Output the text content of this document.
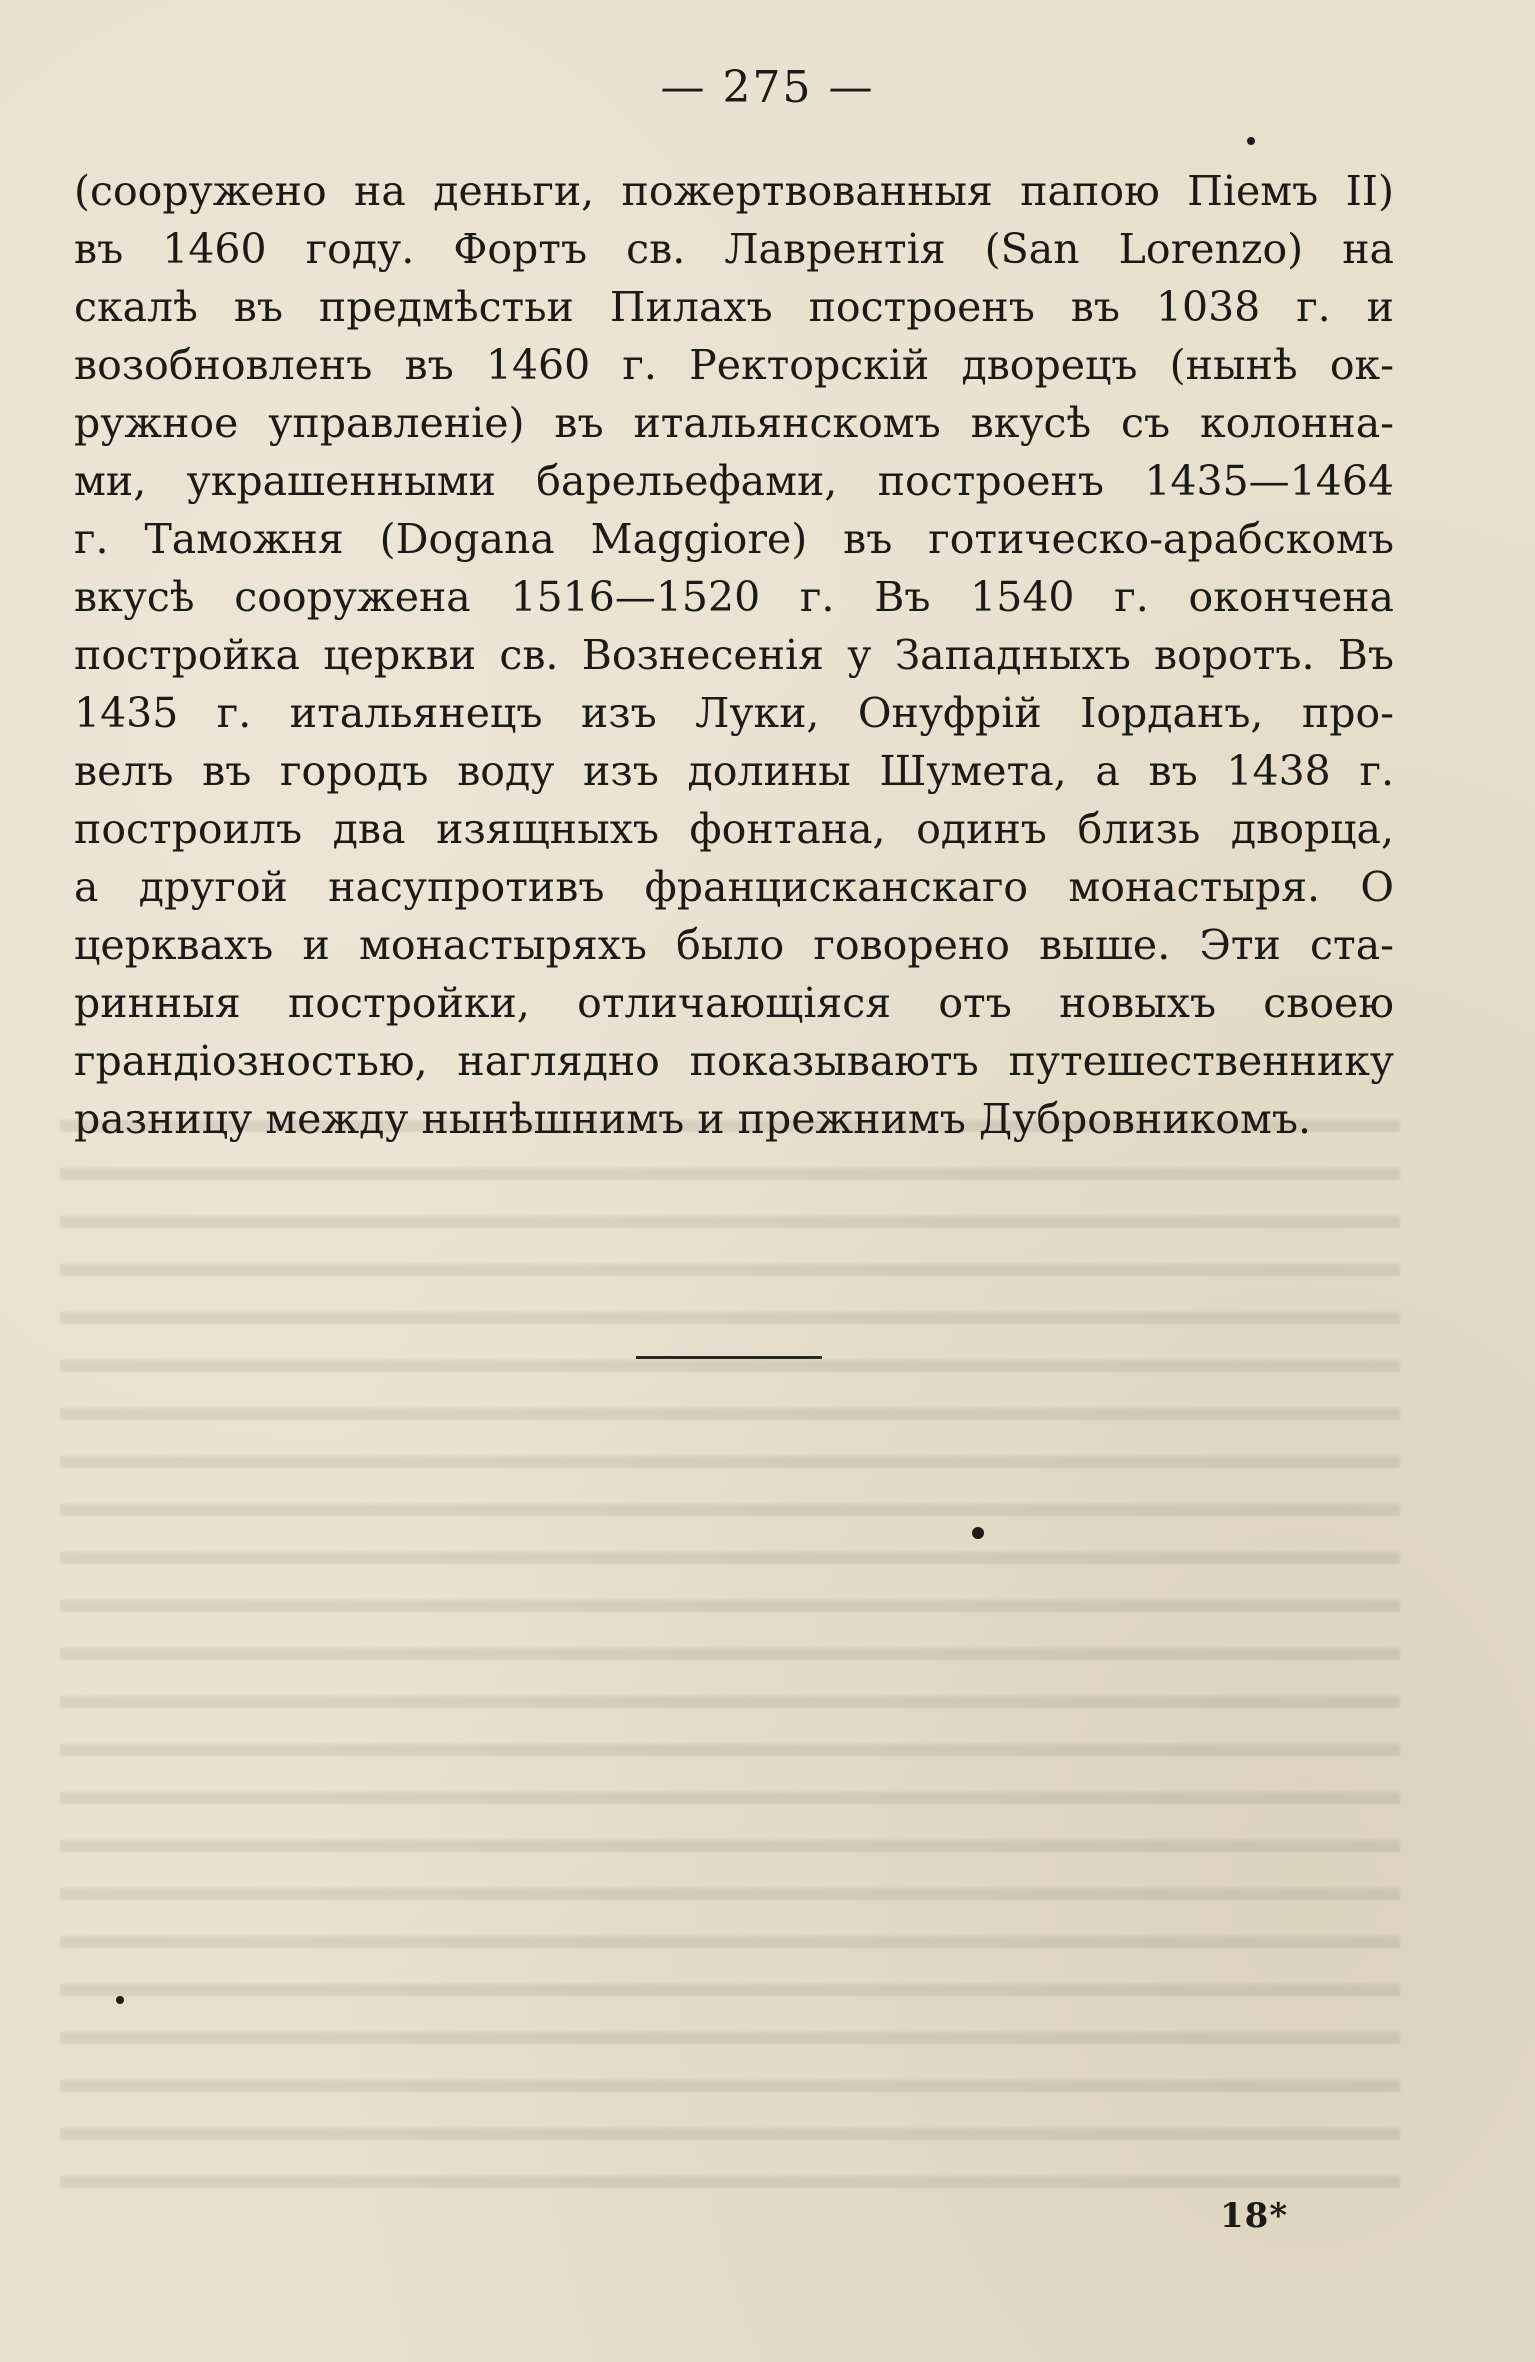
— 275 —
(сооружено на деньги, пожертвованныя папою Піемъ II)
въ 1460 году. Фортъ св. Лаврентія (San Lorenzo) на
скалѣ въ предмѣстьи Пилахъ построенъ въ 1038 г. и
возобновленъ въ 1460 г. Ректорскій дворецъ (нынѣ ок-
ружное управленіе) въ итальянскомъ вкусѣ съ колонна-
ми, украшенными барельефами, построенъ 1435—1464
г. Таможня (Dogana Maggiore) въ готическо-арабскомъ
вкусѣ сооружена 1516—1520 г. Въ 1540 г. окончена
постройка церкви св. Вознесенія у Западныхъ воротъ. Въ
1435 г. итальянецъ изъ Луки, Онуфрій Іорданъ, про-
велъ въ городъ воду изъ долины Шумета, а въ 1438 г.
построилъ два изящныхъ фонтана, одинъ близь дворца,
а другой насупротивъ францисканскаго монастыря. О
церквахъ и монастыряхъ было говорено выше. Эти ста-
ринныя постройки, отличающіяся отъ новыхъ своею
грандіозностью, наглядно показываютъ путешественнику
разницу между нынѣшнимъ и прежнимъ Дубровникомъ.
18*
